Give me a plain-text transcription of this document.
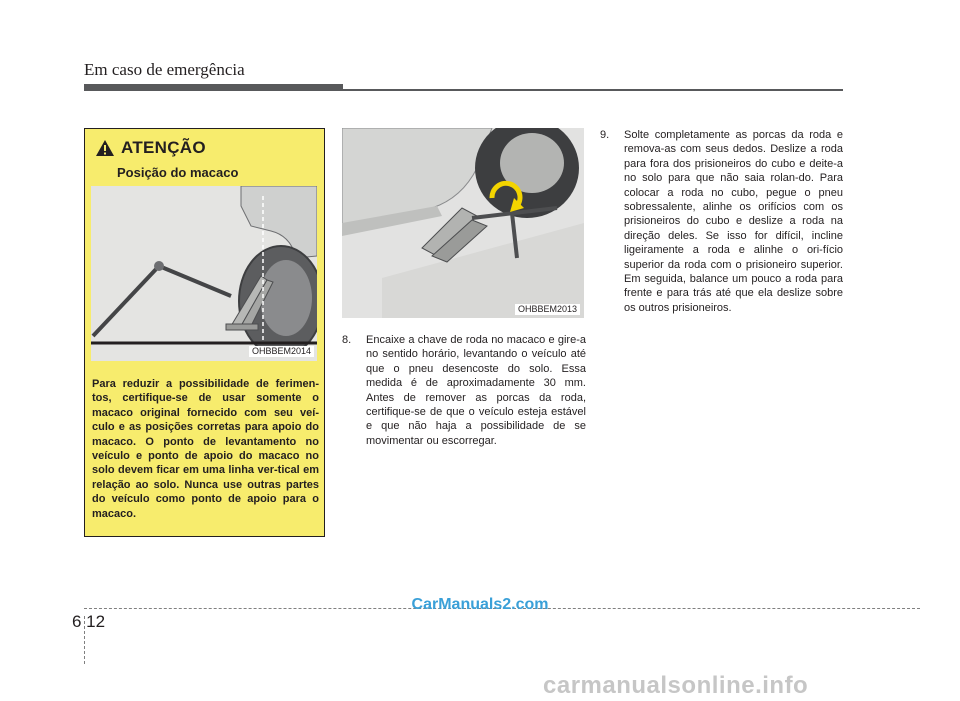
Em caso de emergência
ATENÇÃO
Posição do macaco
OHBBEM2014
Para reduzir a possibilidade de ferimen-tos, certifique-se de usar somente o macaco original fornecido com seu veí-culo e as posições corretas para apoio do macaco. O ponto de levantamento no veículo e ponto de apoio do macaco no solo devem ficar em uma linha ver-tical em relação ao solo. Nunca use outras partes do veículo como ponto de apoio para o macaco.
OHBBEM2013
8. Encaixe a chave de roda no macaco e gire-a no sentido horário, levantando o veículo até que o pneu desencoste do solo. Essa medida é de aproximadamente 30 mm. Antes de remover as porcas da roda, certifique-se de que o veículo esteja estável e que não haja a possibilidade de se movimentar ou escorregar.
9. Solte completamente as porcas da roda e remova-as com seus dedos. Deslize a roda para fora dos prisioneiros do cubo e deite-a no solo para que não saia rolan-do. Para colocar a roda no cubo, pegue o pneu sobressalente, alinhe os orifícios com os prisioneiros do cubo e deslize a roda na direção deles. Se isso for difícil, incline ligeiramente a roda e alinhe o ori-fício superior da roda com o prisioneiro superior. Em seguida, balance um pouco a roda para frente e para trás até que ela deslize sobre os outros prisioneiros.
6 12
CarManuals2.com
carmanualsonline.info
